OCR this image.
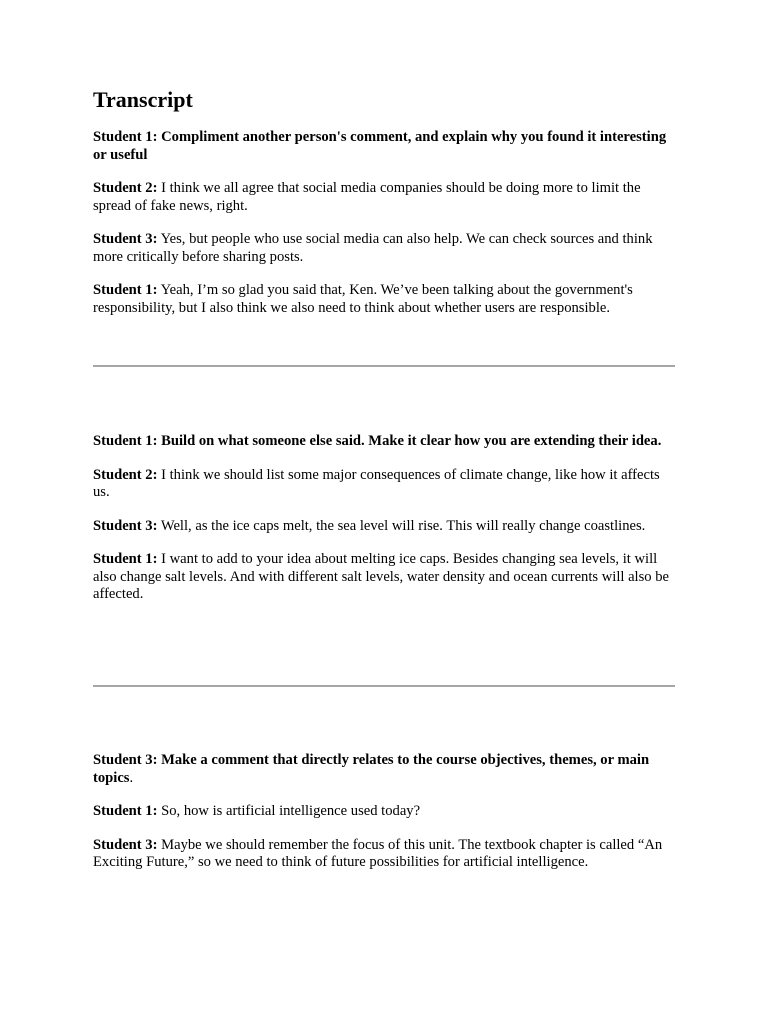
Transcript

Student 1: Compliment another person's comment, and explain why you found it interesting or useful

Student 2: I think we all agree that social media companies should be doing more to limit the spread of fake news, right.

Student 3: Yes, but people who use social media can also help. We can check sources and think more critically before sharing posts.

Student 1: Yeah, I’m so glad you said that, Ken. We’ve been talking about the government's responsibility, but I also think we also need to think about whether users are responsible.

Student 1: Build on what someone else said. Make it clear how you are extending their idea.

Student 2: I think we should list some major consequences of climate change, like how it affects us.

Student 3: Well, as the ice caps melt, the sea level will rise. This will really change coastlines.

Student 1: I want to add to your idea about melting ice caps. Besides changing sea levels, it will also change salt levels. And with different salt levels, water density and ocean currents will also be affected.

Student 3: Make a comment that directly relates to the course objectives, themes, or main topics.

Student 1: So, how is artificial intelligence used today?

Student 3: Maybe we should remember the focus of this unit. The textbook chapter is called “An Exciting Future,” so we need to think of future possibilities for artificial intelligence.
